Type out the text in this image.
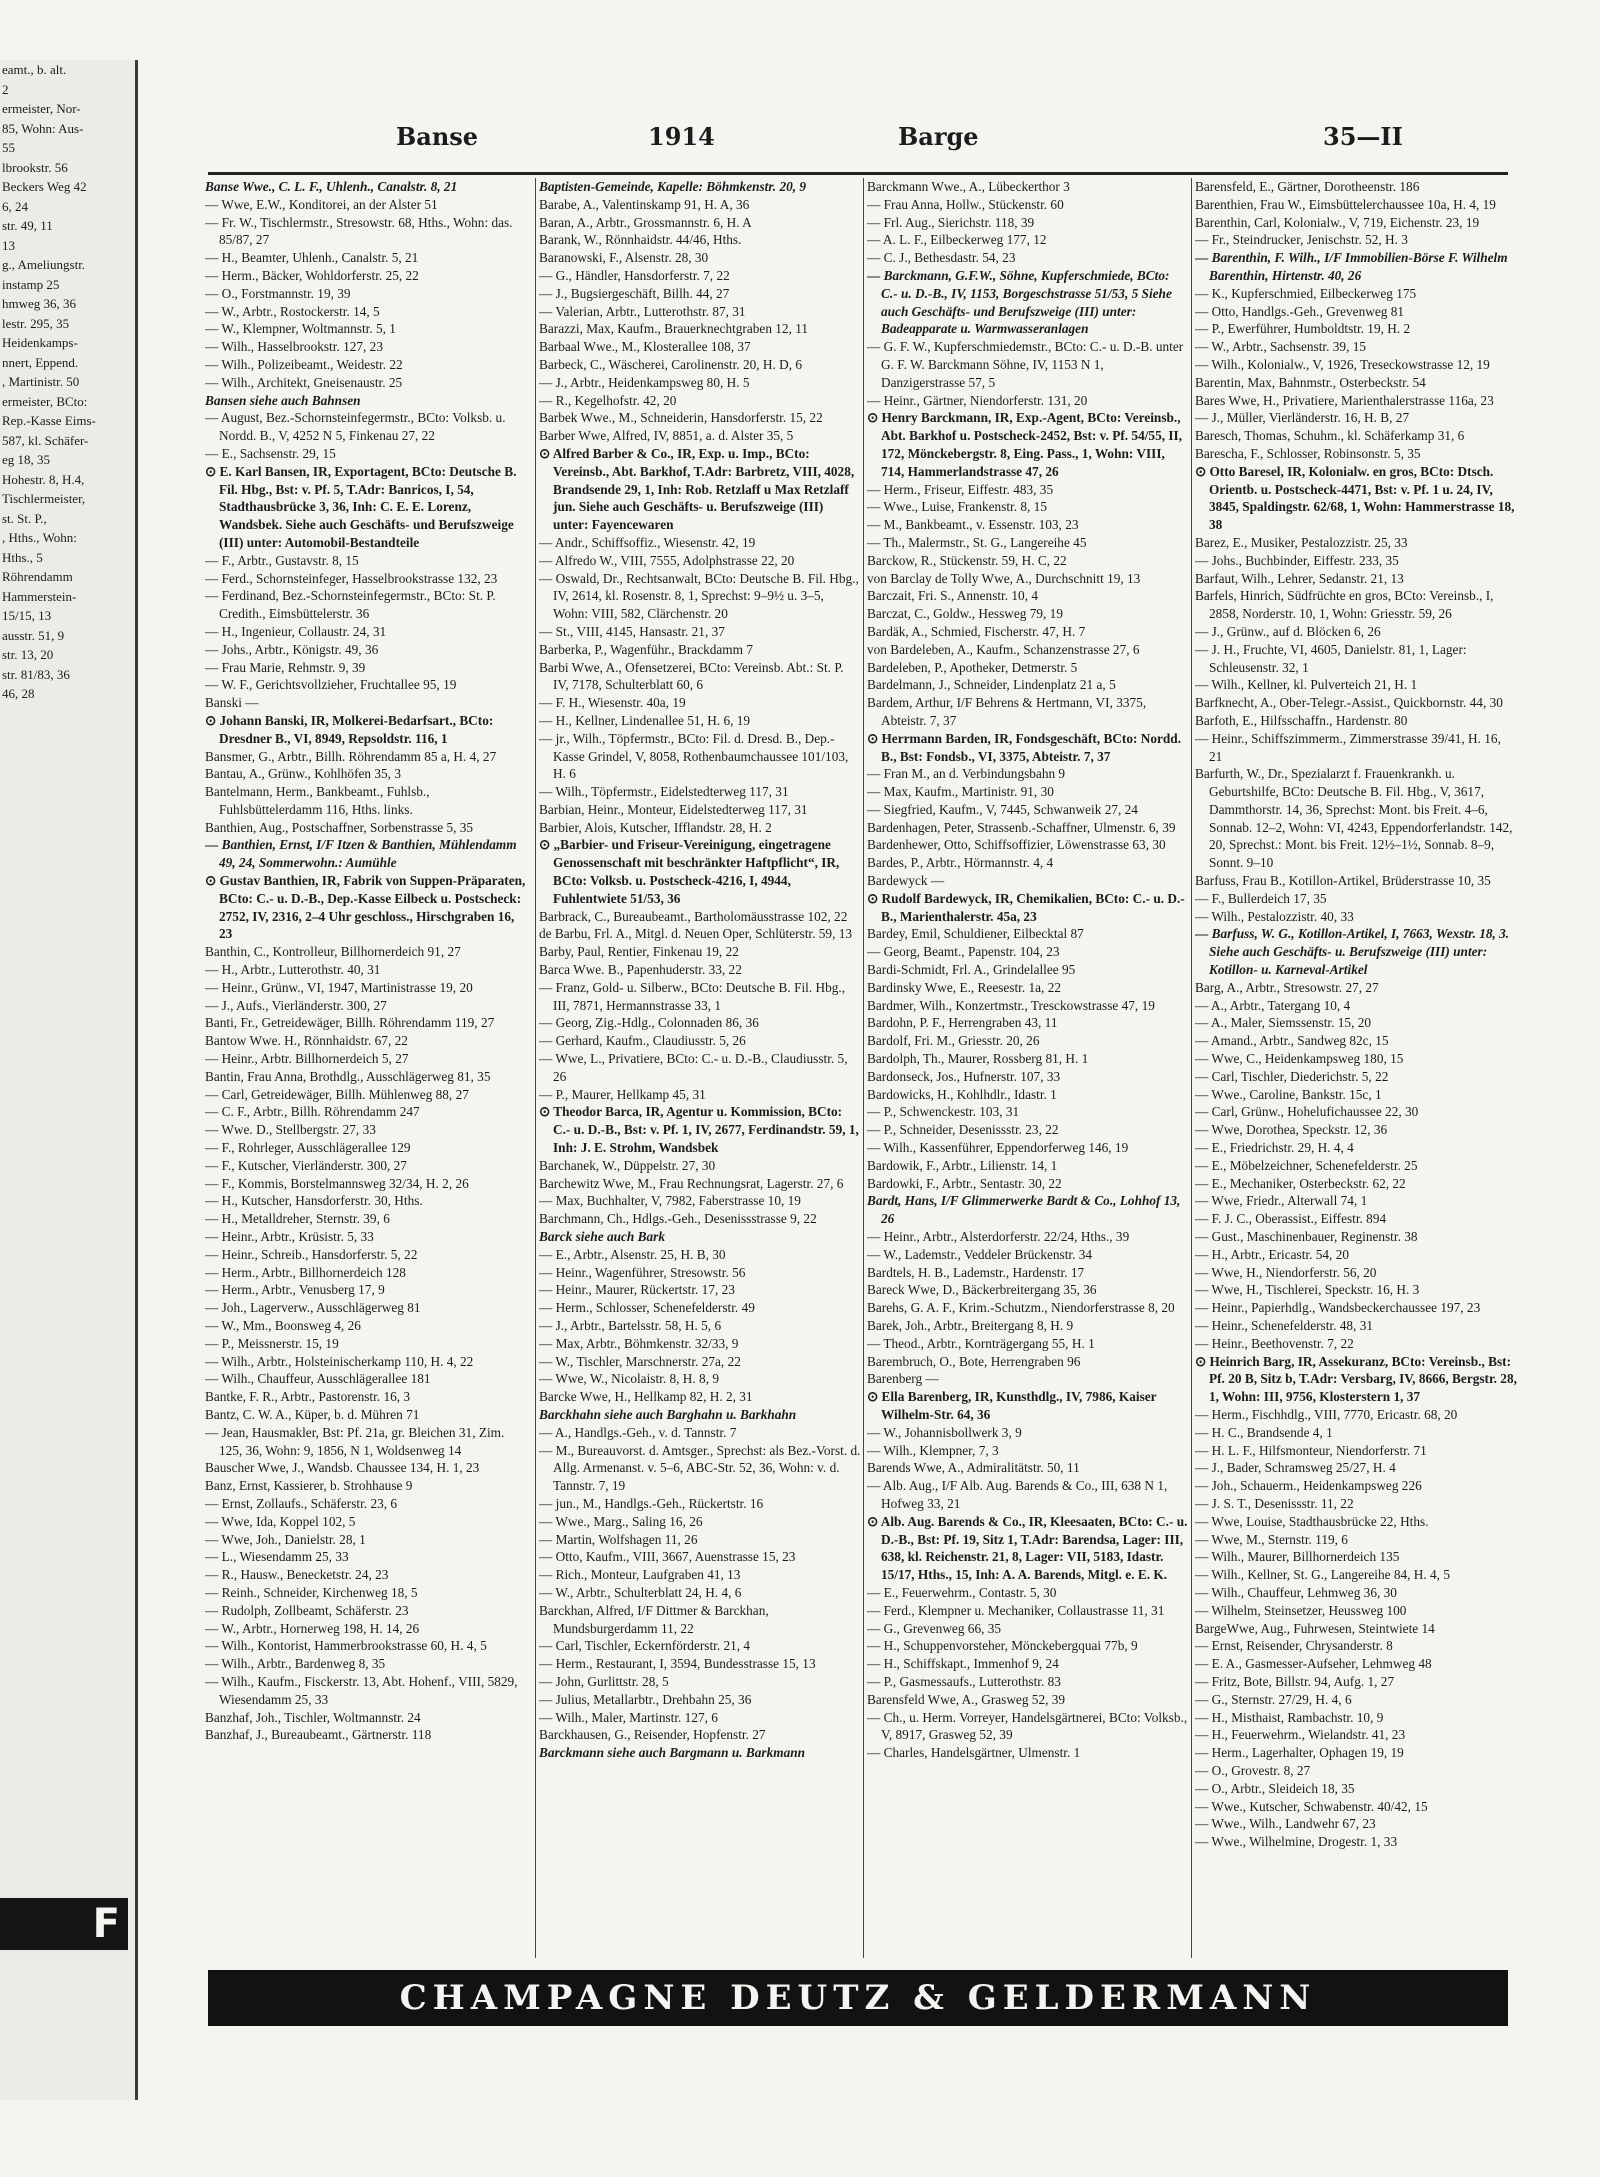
eamt., b. alt.
2
ermeister, Nor-
85, Wohn: Aus-
55
lbrookstr. 56
Beckers Weg 42
6, 24
str. 49, 11
13
g., Ameliungstr.
instamp 25
hmweg 36, 36
lestr. 295, 35
Heidenkamps-
nnert, Eppend.
, Martinistr. 50
ermeister, BCto:
Rep.-Kasse Eims-
587, kl. Schäfer-
eg 18, 35
Hohestr. 8, H.4,
Tischlermeister,
st. St. P.,
, Hths., Wohn:
Hths., 5
Röhrendamm
Hammerstein-
15/15, 13
ausstr. 51, 9
str. 13, 20
str. 81/83, 36
46, 28
F
Banse	1914	Barge	35—II

Banse Wwe., C. L. F., Uhlenh., Canalstr. 8, 21

— Wwe, E.W., Konditorei, an der Alster 51

— Fr. W., Tischlermstr., Stresowstr. 68, Hths., Wohn: das. 85/87, 27

— H., Beamter, Uhlenh., Canalstr. 5, 21

— Herm., Bäcker, Wohldorferstr. 25, 22

— O., Forstmannstr. 19, 39

— W., Arbtr., Rostockerstr. 14, 5

— W., Klempner, Woltmannstr. 5, 1

— Wilh., Hasselbrookstr. 127, 23

— Wilh., Polizeibeamt., Weidestr. 22

— Wilh., Architekt, Gneisenaustr. 25

Bansen siehe auch Bahnsen

— August, Bez.-Schornsteinfegermstr., BCto: Volksb. u. Nordd. B., V, 4252 N 5, Finkenau 27, 22

— E., Sachsenstr. 29, 15

⊙ E. Karl Bansen, IR, Exportagent, BCto: Deutsche B. Fil. Hbg., Bst: v. Pf. 5, T.Adr: Banricos, I, 54, Stadthausbrücke 3, 36, Inh: C. E. E. Lorenz, Wandsbek. Siehe auch Geschäfts- und Berufszweige (III) unter: Automobil-Bestandteile

— F., Arbtr., Gustavstr. 8, 15

— Ferd., Schornsteinfeger, Hasselbrookstrasse 132, 23

— Ferdinand, Bez.-Schornsteinfegermstr., BCto: St. P. Credith., Eimsbüttelerstr. 36

— H., Ingenieur, Collaustr. 24, 31

— Johs., Arbtr., Königstr. 49, 36

— Frau Marie, Rehmstr. 9, 39

— W. F., Gerichtsvollzieher, Fruchtallee 95, 19

Banski —

⊙ Johann Banski, IR, Molkerei-Bedarfsart., BCto: Dresdner B., VI, 8949, Repsoldstr. 116, 1

Bansmer, G., Arbtr., Billh. Röhrendamm 85 a, H. 4, 27

Bantau, A., Grünw., Kohlhöfen 35, 3

Bantelmann, Herm., Bankbeamt., Fuhlsb., Fuhlsbüttelerdamm 116, Hths. links.

Banthien, Aug., Postschaffner, Sorbenstrasse 5, 35

— Banthien, Ernst, I/F Itzen & Banthien, Mühlendamm 49, 24, Sommerwohn.: Aumühle

⊙ Gustav Banthien, IR, Fabrik von Suppen-Präparaten, BCto: C.- u. D.-B., Dep.-Kasse Eilbeck u. Postscheck: 2752, IV, 2316, 2–4 Uhr geschloss., Hirschgraben 16, 23

Banthin, C., Kontrolleur, Billhornerdeich 91, 27

— H., Arbtr., Lutterothstr. 40, 31

— Heinr., Grünw., VI, 1947, Martinistrasse 19, 20

— J., Aufs., Vierländerstr. 300, 27

Banti, Fr., Getreidewäger, Billh. Röhrendamm 119, 27

Bantow Wwe. H., Rönnhaidstr. 67, 22

— Heinr., Arbtr. Billhornerdeich 5, 27

Bantin, Frau Anna, Brothdlg., Ausschlägerweg 81, 35

— Carl, Getreidewäger, Billh. Mühlenweg 88, 27

— C. F., Arbtr., Billh. Röhrendamm 247

— Wwe. D., Stellbergstr. 27, 33

— F., Rohrleger, Ausschlägerallee 129

— F., Kutscher, Vierländerstr. 300, 27

— F., Kommis, Borstelmannsweg 32/34, H. 2, 26

— H., Kutscher, Hansdorferstr. 30, Hths.

— H., Metalldreher, Sternstr. 39, 6

— Heinr., Arbtr., Krüsistr. 5, 33

— Heinr., Schreib., Hansdorferstr. 5, 22

— Herm., Arbtr., Billhornerdeich 128

— Herm., Arbtr., Venusberg 17, 9

— Joh., Lagerverw., Ausschlägerweg 81

— W., Mm., Boonsweg 4, 26

— P., Meissnerstr. 15, 19

— Wilh., Arbtr., Holsteinischerkamp 110, H. 4, 22

— Wilh., Chauffeur, Ausschlägerallee 181

Bantke, F. R., Arbtr., Pastorenstr. 16, 3

Bantz, C. W. A., Küper, b. d. Mühren 71

— Jean, Hausmakler, Bst: Pf. 21a, gr. Bleichen 31, Zim. 125, 36, Wohn: 9, 1856, N 1, Woldsenweg 14

Bauscher Wwe, J., Wandsb. Chaussee 134, H. 1, 23

Banz, Ernst, Kassierer, b. Strohhause 9

— Ernst, Zollaufs., Schäferstr. 23, 6

— Wwe, Ida, Koppel 102, 5

— Wwe, Joh., Danielstr. 28, 1

— L., Wiesendamm 25, 33

— R., Hausw., Benecketstr. 24, 23

— Reinh., Schneider, Kirchenweg 18, 5

— Rudolph, Zollbeamt, Schäferstr. 23

— W., Arbtr., Hornerweg 198, H. 14, 26

— Wilh., Kontorist, Hammerbrookstrasse 60, H. 4, 5

— Wilh., Arbtr., Bardenweg 8, 35

— Wilh., Kaufm., Fisckerstr. 13, Abt. Hohenf., VIII, 5829, Wiesendamm 25, 33

Banzhaf, Joh., Tischler, Woltmannstr. 24

Banzhaf, J., Bureaubeamt., Gärtnerstr. 118

Baptisten-Gemeinde, Kapelle: Böhmkenstr. 20, 9

Barabe, A., Valentinskamp 91, H. A, 36

Baran, A., Arbtr., Grossmannstr. 6, H. A

Barank, W., Rönnhaidstr. 44/46, Hths.

Baranowski, F., Alsenstr. 28, 30

— G., Händler, Hansdorferstr. 7, 22

— J., Bugsiergeschäft, Billh. 44, 27

— Valerian, Arbtr., Lutterothstr. 87, 31

Barazzi, Max, Kaufm., Brauerknechtgraben 12, 11

Barbaal Wwe., M., Klosterallee 108, 37

Barbeck, C., Wäscherei, Carolinenstr. 20, H. D, 6

— J., Arbtr., Heidenkampsweg 80, H. 5

— R., Kegelhofstr. 42, 20

Barbek Wwe., M., Schneiderin, Hansdorferstr. 15, 22

Barber Wwe, Alfred, IV, 8851, a. d. Alster 35, 5

⊙ Alfred Barber & Co., IR, Exp. u. Imp., BCto: Vereinsb., Abt. Barkhof, T.Adr: Barbretz, VIII, 4028, Brandsende 29, 1, Inh: Rob. Retzlaff u Max Retzlaff jun. Siehe auch Geschäfts- u. Berufszweige (III) unter: Fayencewaren

— Andr., Schiffsoffiz., Wiesenstr. 42, 19

— Alfredo W., VIII, 7555, Adolphstrasse 22, 20

— Oswald, Dr., Rechtsanwalt, BCto: Deutsche B. Fil. Hbg., IV, 2614, kl. Rosenstr. 8, 1, Sprechst: 9–9½ u. 3–5, Wohn: VIII, 582, Clärchenstr. 20

— St., VIII, 4145, Hansastr. 21, 37

Barberka, P., Wagenführ., Brackdamm 7

Barbi Wwe, A., Ofensetzerei, BCto: Vereinsb. Abt.: St. P. IV, 7178, Schulterblatt 60, 6

— F. H., Wiesenstr. 40a, 19

— H., Kellner, Lindenallee 51, H. 6, 19

— jr., Wilh., Töpfermstr., BCto: Fil. d. Dresd. B., Dep.-Kasse Grindel, V, 8058, Rothenbaumchaussee 101/103, H. 6

— Wilh., Töpfermstr., Eidelstedterweg 117, 31

Barbian, Heinr., Monteur, Eidelstedterweg 117, 31

Barbier, Alois, Kutscher, Ifflandstr. 28, H. 2

⊙ „Barbier- und Friseur-Vereinigung, eingetragene Genossenschaft mit beschränkter Haftpflicht“, IR, BCto: Volksb. u. Postscheck-4216, I, 4944, Fuhlentwiete 51/53, 36

Barbrack, C., Bureaubeamt., Bartholomäusstrasse 102, 22

de Barbu, Frl. A., Mitgl. d. Neuen Oper, Schlüterstr. 59, 13

Barby, Paul, Rentier, Finkenau 19, 22

Barca Wwe. B., Papenhuderstr. 33, 22

— Franz, Gold- u. Silberw., BCto: Deutsche B. Fil. Hbg., III, 7871, Hermannstrasse 33, 1

— Georg, Zig.-Hdlg., Colonnaden 86, 36

— Gerhard, Kaufm., Claudiusstr. 5, 26

— Wwe, L., Privatiere, BCto: C.- u. D.-B., Claudiusstr. 5, 26

— P., Maurer, Hellkamp 45, 31

⊙ Theodor Barca, IR, Agentur u. Kommission, BCto: C.- u. D.-B., Bst: v. Pf. 1, IV, 2677, Ferdinandstr. 59, 1, Inh: J. E. Strohm, Wandsbek

Barchanek, W., Düppelstr. 27, 30

Barchewitz Wwe, M., Frau Rechnungsrat, Lagerstr. 27, 6

— Max, Buchhalter, V, 7982, Faberstrasse 10, 19

Barchmann, Ch., Hdlgs.-Geh., Desenissstrasse 9, 22

Barck siehe auch Bark

— E., Arbtr., Alsenstr. 25, H. B, 30

— Heinr., Wagenführer, Stresowstr. 56

— Heinr., Maurer, Rückertstr. 17, 23

— Herm., Schlosser, Schenefelderstr. 49

— J., Arbtr., Bartelsstr. 58, H. 5, 6

— Max, Arbtr., Böhmkenstr. 32/33, 9

— W., Tischler, Marschnerstr. 27a, 22

— Wwe, W., Nicolaistr. 8, H. 8, 9

Barcke Wwe, H., Hellkamp 82, H. 2, 31

Barckhahn siehe auch Barghahn u. Barkhahn

— A., Handlgs.-Geh., v. d. Tannstr. 7

— M., Bureauvorst. d. Amtsger., Sprechst: als Bez.-Vorst. d. Allg. Armenanst. v. 5–6, ABC-Str. 52, 36, Wohn: v. d. Tannstr. 7, 19

— jun., M., Handlgs.-Geh., Rückertstr. 16

— Wwe., Marg., Saling 16, 26

— Martin, Wolfshagen 11, 26

— Otto, Kaufm., VIII, 3667, Auenstrasse 15, 23

— Rich., Monteur, Laufgraben 41, 13

— W., Arbtr., Schulterblatt 24, H. 4, 6

Barckhan, Alfred, I/F Dittmer & Barckhan, Mundsburgerdamm 11, 22

— Carl, Tischler, Eckernförderstr. 21, 4

— Herm., Restaurant, I, 3594, Bundesstrasse 15, 13

— John, Gurlittstr. 28, 5

— Julius, Metallarbtr., Drehbahn 25, 36

— Wilh., Maler, Martinstr. 127, 6

Barckhausen, G., Reisender, Hopfenstr. 27

Barckmann siehe auch Bargmann u. Barkmann

Barckmann Wwe., A., Lübeckerthor 3

— Frau Anna, Hollw., Stückenstr. 60

— Frl. Aug., Sierichstr. 118, 39

— A. L. F., Eilbeckerweg 177, 12

— C. J., Bethesdastr. 54, 23

— Barckmann, G.F.W., Söhne, Kupferschmiede, BCto: C.- u. D.-B., IV, 1153, Borgeschstrasse 51/53, 5 Siehe auch Geschäfts- und Berufszweige (III) unter: Badeapparate u. Warmwasseranlagen

— G. F. W., Kupferschmiedemstr., BCto: C.- u. D.-B. unter G. F. W. Barckmann Söhne, IV, 1153 N 1, Danzigerstrasse 57, 5

— Heinr., Gärtner, Niendorferstr. 131, 20

⊙ Henry Barckmann, IR, Exp.-Agent, BCto: Vereinsb., Abt. Barkhof u. Postscheck-2452, Bst: v. Pf. 54/55, II, 172, Mönckebergstr. 8, Eing. Pass., 1, Wohn: VIII, 714, Hammerlandstrasse 47, 26

— Herm., Friseur, Eiffestr. 483, 35

— Wwe., Luise, Frankenstr. 8, 15

— M., Bankbeamt., v. Essenstr. 103, 23

— Th., Malermstr., St. G., Langereihe 45

Barckow, R., Stückenstr. 59, H. C, 22

von Barclay de Tolly Wwe, A., Durchschnitt 19, 13

Barczait, Fri. S., Annenstr. 10, 4

Barczat, C., Goldw., Hessweg 79, 19

Bardäk, A., Schmied, Fischerstr. 47, H. 7

von Bardeleben, A., Kaufm., Schanzenstrasse 27, 6

Bardeleben, P., Apotheker, Detmerstr. 5

Bardelmann, J., Schneider, Lindenplatz 21 a, 5

Bardem, Arthur, I/F Behrens & Hertmann, VI, 3375, Abteistr. 7, 37

⊙ Herrmann Barden, IR, Fondsgeschäft, BCto: Nordd. B., Bst: Fondsb., VI, 3375, Abteistr. 7, 37

— Fran M., an d. Verbindungsbahn 9

— Max, Kaufm., Martinistr. 91, 30

— Siegfried, Kaufm., V, 7445, Schwanweik 27, 24

Bardenhagen, Peter, Strassenb.-Schaffner, Ulmenstr. 6, 39

Bardenhewer, Otto, Schiffsoffizier, Löwenstrasse 63, 30

Bardes, P., Arbtr., Hörmannstr. 4, 4

Bardewyck —

⊙ Rudolf Bardewyck, IR, Chemikalien, BCto: C.- u. D.-B., Marienthalerstr. 45a, 23

Bardey, Emil, Schuldiener, Eilbecktal 87

— Georg, Beamt., Papenstr. 104, 23

Bardi-Schmidt, Frl. A., Grindelallee 95

Bardinsky Wwe, E., Reesestr. 1a, 22

Bardmer, Wilh., Konzertmstr., Tresckowstrasse 47, 19

Bardohn, P. F., Herrengraben 43, 11

Bardolf, Fri. M., Griesstr. 20, 26

Bardolph, Th., Maurer, Rossberg 81, H. 1

Bardonseck, Jos., Hufnerstr. 107, 33

Bardowicks, H., Kohlhdlr., Idastr. 1

— P., Schwenckestr. 103, 31

— P., Schneider, Desenissstr. 23, 22

— Wilh., Kassenführer, Eppendorferweg 146, 19

Bardowik, F., Arbtr., Lilienstr. 14, 1

Bardowki, F., Arbtr., Sentastr. 30, 22

Bardt, Hans, I/F Glimmerwerke Bardt & Co., Lohhof 13, 26

— Heinr., Arbtr., Alsterdorferstr. 22/24, Hths., 39

— W., Lademstr., Veddeler Brückenstr. 34

Bardtels, H. B., Lademstr., Hardenstr. 17

Bareck Wwe, D., Bäckerbreitergang 35, 36

Barehs, G. A. F., Krim.-Schutzm., Niendorferstrasse 8, 20

Barek, Joh., Arbtr., Breitergang 8, H. 9

— Theod., Arbtr., Kornträgergang 55, H. 1

Barembruch, O., Bote, Herrengraben 96

Barenberg —

⊙ Ella Barenberg, IR, Kunsthdlg., IV, 7986, Kaiser Wilhelm-Str. 64, 36

— W., Johannisbollwerk 3, 9

— Wilh., Klempner, 7, 3

Barends Wwe, A., Admiralitätstr. 50, 11

— Alb. Aug., I/F Alb. Aug. Barends & Co., III, 638 N 1, Hofweg 33, 21

⊙ Alb. Aug. Barends & Co., IR, Kleesaaten, BCto: C.- u. D.-B., Bst: Pf. 19, Sitz 1, T.Adr: Barendsa, Lager: III, 638, kl. Reichenstr. 21, 8, Lager: VII, 5183, Idastr. 15/17, Hths., 15, Inh: A. A. Barends, Mitgl. e. E. K.

— E., Feuerwehrm., Contastr. 5, 30

— Ferd., Klempner u. Mechaniker, Collaustrasse 11, 31

— G., Grevenweg 66, 35

— H., Schuppenvorsteher, Mönckebergquai 77b, 9

— H., Schiffskapt., Immenhof 9, 24

— P., Gasmessaufs., Lutterothstr. 83

Barensfeld Wwe, A., Grasweg 52, 39

— Ch., u. Herm. Vorreyer, Handelsgärtnerei, BCto: Volksb., V, 8917, Grasweg 52, 39

— Charles, Handelsgärtner, Ulmenstr. 1

Barensfeld, E., Gärtner, Dorotheenstr. 186

Barenthien, Frau W., Eimsbüttelerchaussee 10a, H. 4, 19

Barenthin, Carl, Kolonialw., V, 719, Eichenstr. 23, 19

— Fr., Steindrucker, Jenischstr. 52, H. 3

— Barenthin, F. Wilh., I/F Immobilien-Börse F. Wilhelm Barenthin, Hirtenstr. 40, 26

— K., Kupferschmied, Eilbeckerweg 175

— Otto, Handlgs.-Geh., Grevenweg 81

— P., Ewerführer, Humboldtstr. 19, H. 2

— W., Arbtr., Sachsenstr. 39, 15

— Wilh., Kolonialw., V, 1926, Treseckowstrasse 12, 19

Barentin, Max, Bahnmstr., Osterbeckstr. 54

Bares Wwe, H., Privatiere, Marienthalerstrasse 116a, 23

— J., Müller, Vierländerstr. 16, H. B, 27

Baresch, Thomas, Schuhm., kl. Schäferkamp 31, 6

Barescha, F., Schlosser, Robinsonstr. 5, 35

⊙ Otto Baresel, IR, Kolonialw. en gros, BCto: Dtsch. Orientb. u. Postscheck-4471, Bst: v. Pf. 1 u. 24, IV, 3845, Spaldingstr. 62/68, 1, Wohn: Hammerstrasse 18, 38

Barez, E., Musiker, Pestalozzistr. 25, 33

— Johs., Buchbinder, Eiffestr. 233, 35

Barfaut, Wilh., Lehrer, Sedanstr. 21, 13

Barfels, Hinrich, Südfrüchte en gros, BCto: Vereinsb., I, 2858, Norderstr. 10, 1, Wohn: Griesstr. 59, 26

— J., Grünw., auf d. Blöcken 6, 26

— J. H., Fruchte, VI, 4605, Danielstr. 81, 1, Lager: Schleusenstr. 32, 1

— Wilh., Kellner, kl. Pulverteich 21, H. 1

Barfknecht, A., Ober-Telegr.-Assist., Quickbornstr. 44, 30

Barfoth, E., Hilfsschaffn., Hardenstr. 80

— Heinr., Schiffszimmerm., Zimmerstrasse 39/41, H. 16, 21

Barfurth, W., Dr., Spezialarzt f. Frauenkrankh. u. Geburtshilfe, BCto: Deutsche B. Fil. Hbg., V, 3617, Dammthorstr. 14, 36, Sprechst: Mont. bis Freit. 4–6, Sonnab. 12–2, Wohn: VI, 4243, Eppendorferlandstr. 142, 20, Sprechst.: Mont. bis Freit. 12½–1½, Sonnab. 8–9, Sonnt. 9–10

Barfuss, Frau B., Kotillon-Artikel, Brüderstrasse 10, 35

— F., Bullerdeich 17, 35

— Wilh., Pestalozzistr. 40, 33

— Barfuss, W. G., Kotillon-Artikel, I, 7663, Wexstr. 18, 3. Siehe auch Geschäfts- u. Berufszweige (III) unter: Kotillon- u. Karneval-Artikel

Barg, A., Arbtr., Stresowstr. 27, 27

— A., Arbtr., Tatergang 10, 4

— A., Maler, Siemssenstr. 15, 20

— Amand., Arbtr., Sandweg 82c, 15

— Wwe, C., Heidenkampsweg 180, 15

— Carl, Tischler, Diederichstr. 5, 22

— Wwe., Caroline, Bankstr. 15c, 1

— Carl, Grünw., Hohelufichaussee 22, 30

— Wwe, Dorothea, Speckstr. 12, 36

— E., Friedrichstr. 29, H. 4, 4

— E., Möbelzeichner, Schenefelderstr. 25

— E., Mechaniker, Osterbeckstr. 62, 22

— Wwe, Friedr., Alterwall 74, 1

— F. J. C., Oberassist., Eiffestr. 894

— Gust., Maschinenbauer, Reginenstr. 38

— H., Arbtr., Ericastr. 54, 20

— Wwe, H., Niendorferstr. 56, 20

— Wwe, H., Tischlerei, Speckstr. 16, H. 3

— Heinr., Papierhdlg., Wandsbeckerchaussee 197, 23

— Heinr., Schenefelderstr. 48, 31

— Heinr., Beethovenstr. 7, 22

⊙ Heinrich Barg, IR, Assekuranz, BCto: Vereinsb., Bst: Pf. 20 B, Sitz b, T.Adr: Versbarg, IV, 8666, Bergstr. 28, 1, Wohn: III, 9756, Klosterstern 1, 37

— Herm., Fischhdlg., VIII, 7770, Ericastr. 68, 20

— H. C., Brandsende 4, 1

— H. L. F., Hilfsmonteur, Niendorferstr. 71

— J., Bader, Schramsweg 25/27, H. 4

— Joh., Schauerm., Heidenkampsweg 226

— J. S. T., Desenissstr. 11, 22

— Wwe, Louise, Stadthausbrücke 22, Hths.

— Wwe, M., Sternstr. 119, 6

— Wilh., Maurer, Billhornerdeich 135

— Wilh., Kellner, St. G., Langereihe 84, H. 4, 5

— Wilh., Chauffeur, Lehmweg 36, 30

— Wilhelm, Steinsetzer, Heussweg 100

BargeWwe, Aug., Fuhrwesen, Steintwiete 14

— Ernst, Reisender, Chrysanderstr. 8

— E. A., Gasmesser-Aufseher, Lehmweg 48

— Fritz, Bote, Billstr. 94, Aufg. 1, 27

— G., Sternstr. 27/29, H. 4, 6

— H., Misthaist, Rambachstr. 10, 9

— H., Feuerwehrm., Wielandstr. 41, 23

— Herm., Lagerhalter, Ophagen 19, 19

— O., Grovestr. 8, 27

— O., Arbtr., Sleideich 18, 35

— Wwe., Kutscher, Schwabenstr. 40/42, 15

— Wwe., Wilh., Landwehr 67, 23

— Wwe., Wilhelmine, Drogestr. 1, 33

CHAMPAGNE DEUTZ & GELDERMANN
